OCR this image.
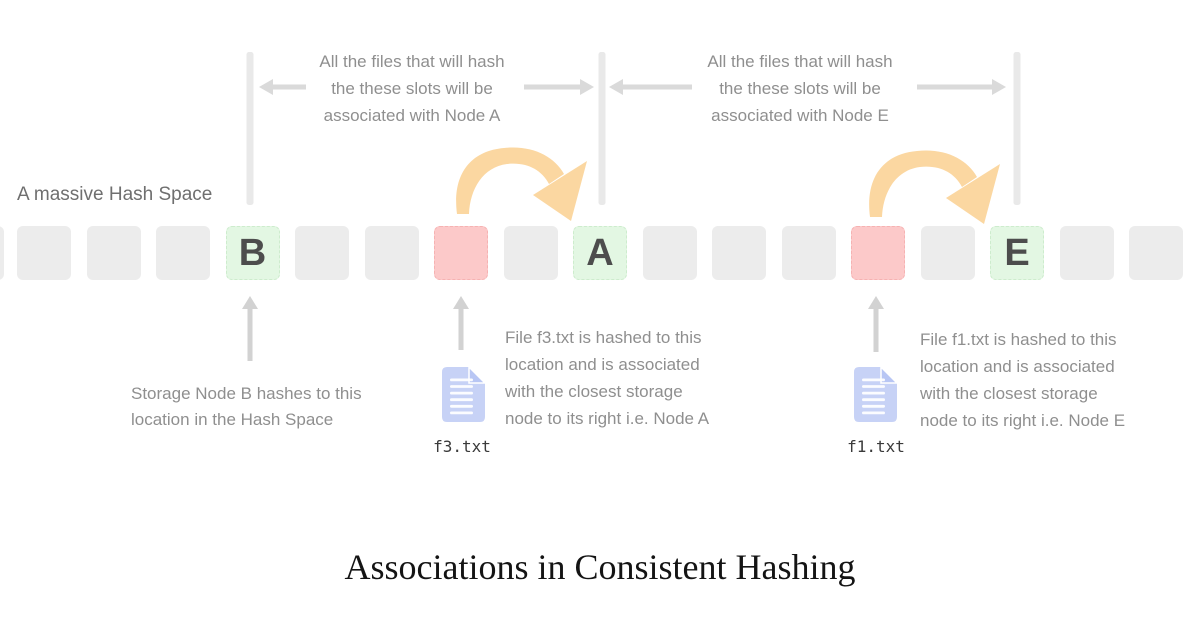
A massive Hash Space
All the files that will hash
the these slots will be
associated with Node A
All the files that will hash
the these slots will be
associated with Node E
B	A	E
Storage Node B hashes to this
location in the Hash Space
File f3.txt is hashed to this
location and is associated
with the closest storage
node to its right i.e. Node A
File f1.txt is hashed to this
location and is associated
with the closest storage
node to its right i.e. Node E
f3.txt	f1.txt
Associations in Consistent Hashing
